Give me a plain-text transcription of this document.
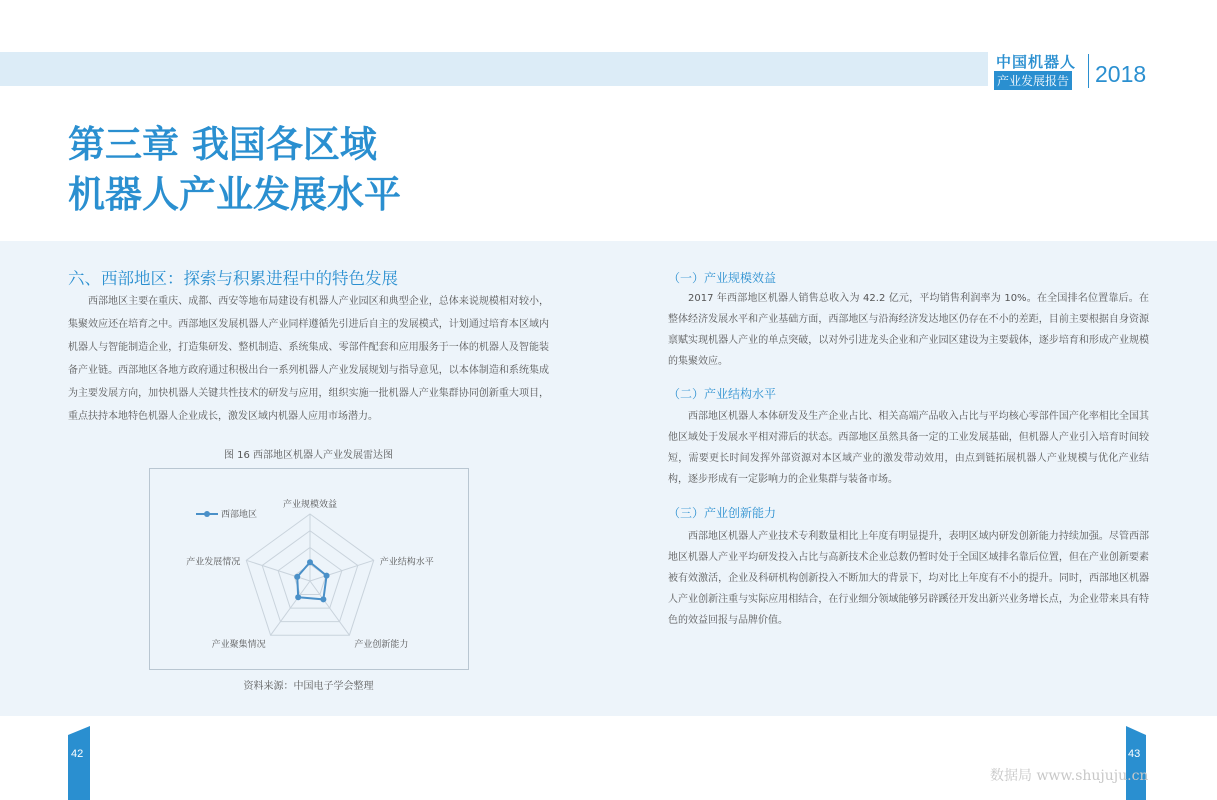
中国机器人
产业发展报告 2018
第三章 我国各区域
机器人产业发展水平
六、西部地区：探索与积累进程中的特色发展
西部地区主要在重庆、成都、西安等地布局建设有机器人产业园区和典型企业，总体来说规模相对较小，集聚效应还在培育之中。西部地区发展机器人产业同样遵循先引进后自主的发展模式，计划通过培育本区域内机器人与智能制造企业，打造集研发、整机制造、系统集成、零部件配套和应用服务于一体的机器人及智能装备产业链。西部地区各地方政府通过积极出台一系列机器人产业发展规划与指导意见，以本体制造和系统集成为主要发展方向，加快机器人关键共性技术的研发与应用，组织实施一批机器人产业集群协同创新重大项目，重点扶持本地特色机器人企业成长，激发区域内机器人应用市场潜力。
图 16 西部地区机器人产业发展雷达图
产业规模效益
产业结构水平
产业创新能力
产业聚集情况
产业发展情况
西部地区
资料来源：中国电子学会整理
（一）产业规模效益
2017 年西部地区机器人销售总收入为 42.2 亿元，平均销售利润率为 10%。在全国排名位置靠后。在整体经济发展水平和产业基础方面，西部地区与沿海经济发达地区仍存在不小的差距，目前主要根据自身资源禀赋实现机器人产业的单点突破，以对外引进龙头企业和产业园区建设为主要载体，逐步培育和形成产业规模的集聚效应。
（二）产业结构水平
西部地区机器人本体研发及生产企业占比、相关高端产品收入占比与平均核心零部件国产化率相比全国其他区域处于发展水平相对滞后的状态。西部地区虽然具备一定的工业发展基础，但机器人产业引入培育时间较短，需要更长时间发挥外部资源对本区域产业的激发带动效用，由点到链拓展机器人产业规模与优化产业结构，逐步形成有一定影响力的企业集群与装备市场。
（三）产业创新能力
西部地区机器人产业技术专利数量相比上年度有明显提升，表明区域内研发创新能力持续加强。尽管西部地区机器人产业平均研发投入占比与高新技术企业总数仍暂时处于全国区域排名靠后位置，但在产业创新要素被有效激活，企业及科研机构创新投入不断加大的背景下，均对比上年度有不小的提升。同时，西部地区机器人产业创新注重与实际应用相结合，在行业细分领域能够另辟蹊径开发出新兴业务增长点，为企业带来具有特色的效益回报与品牌价值。
42	43
数据局 www.shujuju.cn
